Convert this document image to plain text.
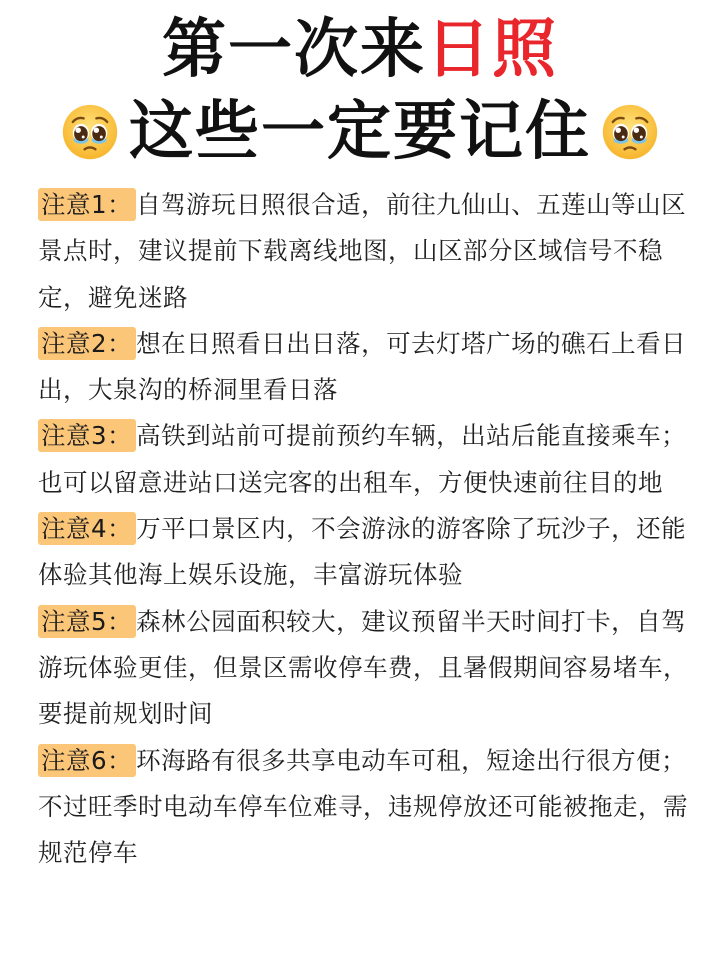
第一次来日照
这些一定要记住
注意1： 自驾游玩日照很合适，前往九仙山、五莲山等山区景点时，建议提前下载离线地图，山区部分区域信号不稳定，避免迷路
注意2： 想在日照看日出日落，可去灯塔广场的礁石上看日出，大泉沟的桥洞里看日落
注意3： 高铁到站前可提前预约车辆，出站后能直接乘车；也可以留意进站口送完客的出租车，方便快速前往目的地
注意4： 万平口景区内，不会游泳的游客除了玩沙子，还能体验其他海上娱乐设施，丰富游玩体验
注意5： 森林公园面积较大，建议预留半天时间打卡，自驾游玩体验更佳，但景区需收停车费，且暑假期间容易堵车，要提前规划时间
注意6： 环海路有很多共享电动车可租，短途出行很方便；不过旺季时电动车停车位难寻，违规停放还可能被拖走，需规范停车
